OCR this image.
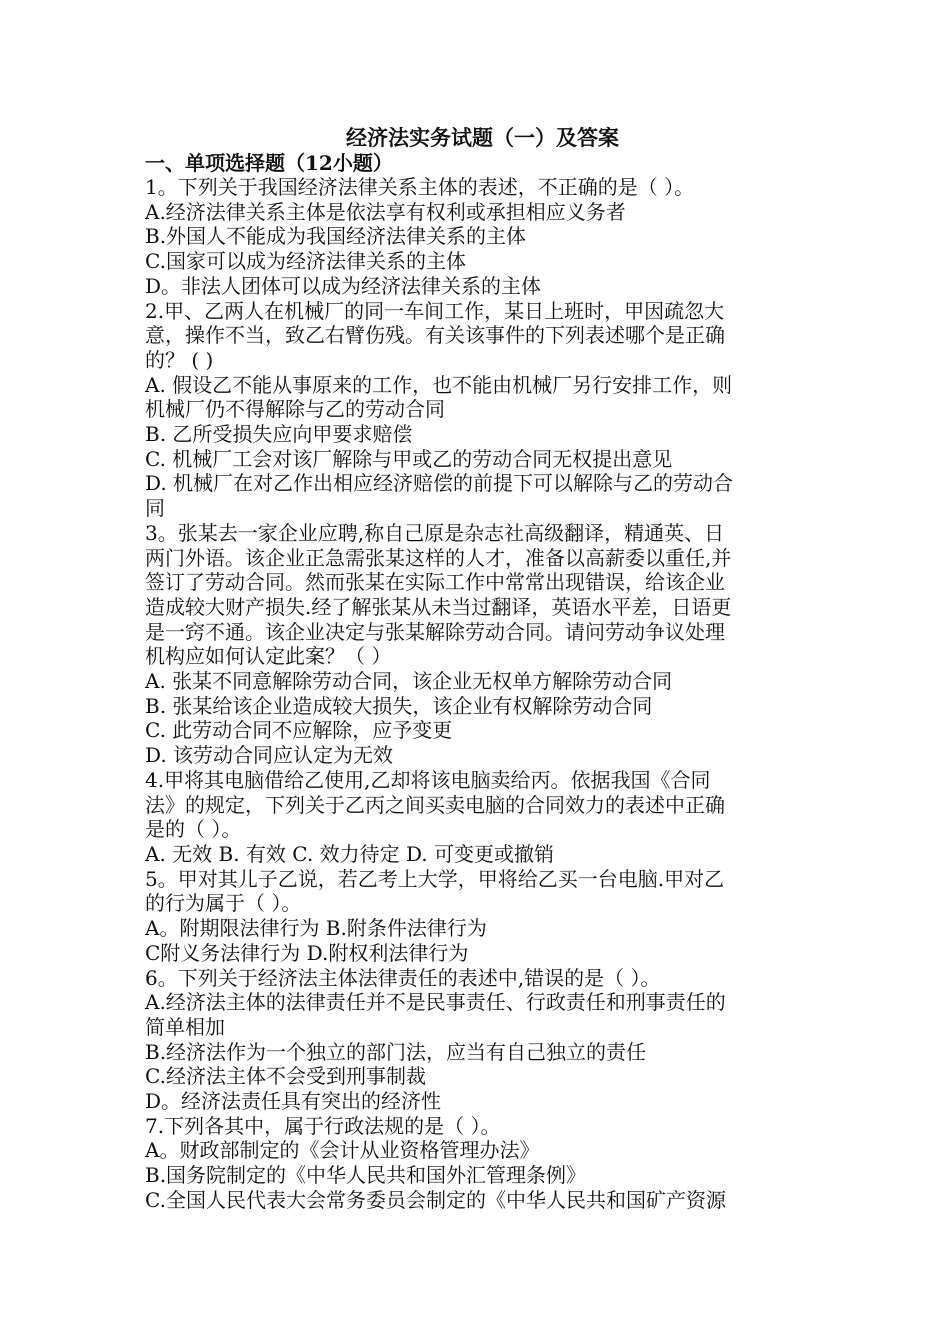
经济法实务试题（一）及答案

一、单项选择题（12小题）

1。下列关于我国经济法律关系主体的表述，不正确的是（ ）。

A.经济法律关系主体是依法享有权利或承担相应义务者

B.外国人不能成为我国经济法律关系的主体

C.国家可以成为经济法律关系的主体

D。非法人团体可以成为经济法律关系的主体

2.甲、乙两人在机械厂的同一车间工作，某日上班时，甲因疏忽大

意，操作不当，致乙右臂伤残。有关该事件的下列表述哪个是正确

的？ ( )

A. 假设乙不能从事原来的工作，也不能由机械厂另行安排工作，则

机械厂仍不得解除与乙的劳动合同

B. 乙所受损失应向甲要求赔偿

C. 机械厂工会对该厂解除与甲或乙的劳动合同无权提出意见

D. 机械厂在对乙作出相应经济赔偿的前提下可以解除与乙的劳动合

同

3。张某去一家企业应聘,称自己原是杂志社高级翻译，精通英、日

两门外语。该企业正急需张某这样的人才，准备以高薪委以重任,并

签订了劳动合同。然而张某在实际工作中常常出现错误，给该企业

造成较大财产损失.经了解张某从未当过翻译，英语水平差，日语更

是一窍不通。该企业决定与张某解除劳动合同。请问劳动争议处理

机构应如何认定此案？（ ）

A. 张某不同意解除劳动合同，该企业无权单方解除劳动合同

B. 张某给该企业造成较大损失，该企业有权解除劳动合同

C. 此劳动合同不应解除，应予变更

D. 该劳动合同应认定为无效

4.甲将其电脑借给乙使用,乙却将该电脑卖给丙。依据我国《合同

法》的规定，下列关于乙丙之间买卖电脑的合同效力的表述中正确

是的（ ）。

A. 无效 B. 有效 C. 效力待定 D. 可变更或撤销

5。甲对其儿子乙说，若乙考上大学，甲将给乙买一台电脑.甲对乙

的行为属于（ ）。

A。附期限法律行为 B.附条件法律行为

C附义务法律行为 D.附权利法律行为

6。下列关于经济法主体法律责任的表述中,错误的是（ ）。

A.经济法主体的法律责任并不是民事责任、行政责任和刑事责任的

简单相加

B.经济法作为一个独立的部门法，应当有自己独立的责任

C.经济法主体不会受到刑事制裁

D。经济法责任具有突出的经济性

7.下列各其中，属于行政法规的是（ ）。

A。财政部制定的《会计从业资格管理办法》

B.国务院制定的《中华人民共和国外汇管理条例》

C.全国人民代表大会常务委员会制定的《中华人民共和国矿产资源
